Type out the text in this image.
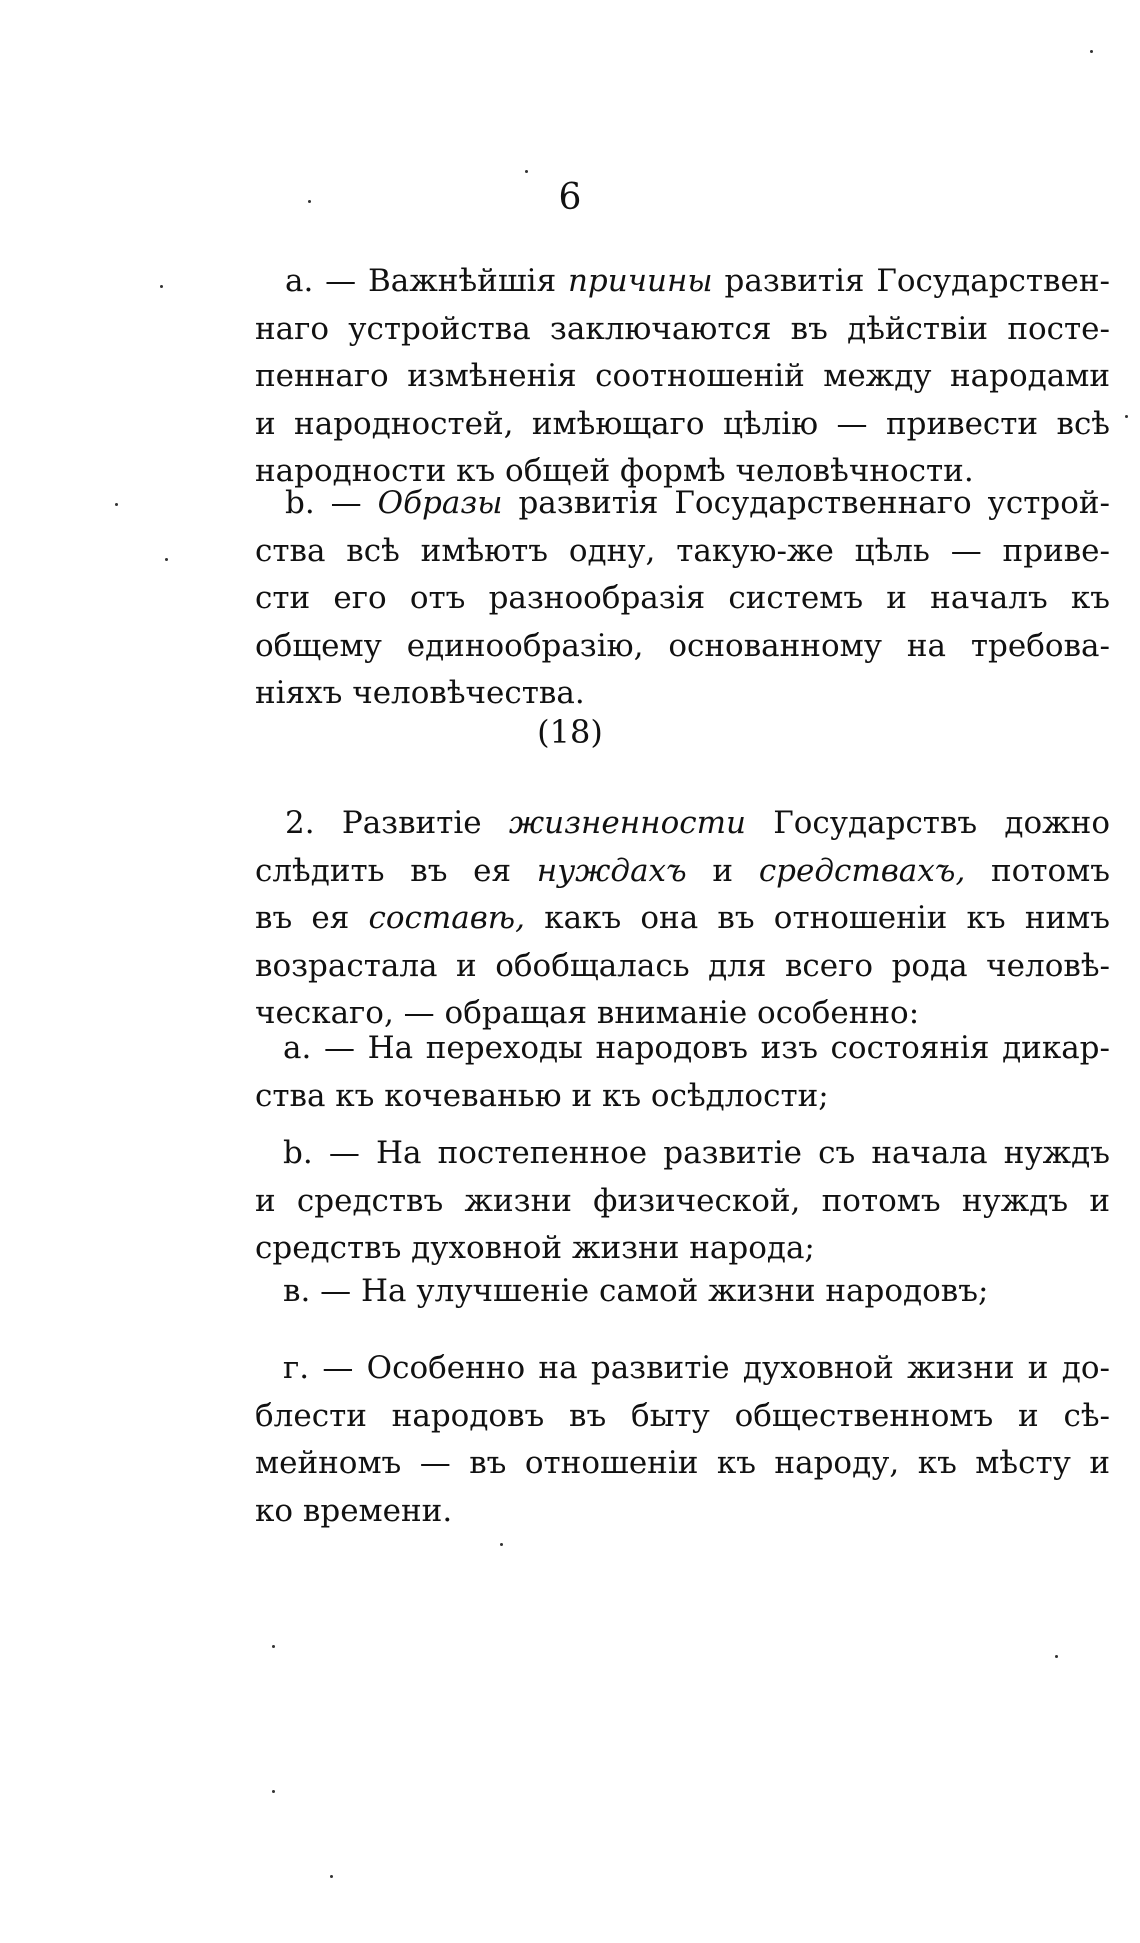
6
а. — Важнѣйшія причины развитія Государствен-
наго устройства заключаются въ дѣйствіи посте-
пеннаго измѣненія соотношеній между народами
и народностей, имѣющаго цѣлію — привести всѣ
народности къ общей формѣ человѣчности.
b. — Образы развитія Государственнаго устрой-
ства всѣ имѣютъ одну, такую-же цѣль — приве-
сти его отъ разнообразія системъ и началъ къ
общему единообразію, основанному на требова-
ніяхъ человѣчества.
(18)
2. Развитіе жизненности Государствъ дожно
слѣдить въ ея нуждахъ и средствахъ, потомъ
въ ея составѣ, какъ она въ отношеніи къ нимъ
возрастала и обобщалась для всего рода человѣ-
ческаго, — обращая вниманіе особенно:
а. — На переходы народовъ изъ состоянія дикар-
ства къ кочеванью и къ осѣдлости;
b. — На постепенное развитіе съ начала нуждъ
и средствъ жизни физической, потомъ нуждъ и
средствъ духовной жизни народа;
в. — На улучшеніе самой жизни народовъ;
г. — Особенно на развитіе духовной жизни и до-
блести народовъ въ быту общественномъ и сѣ-
мейномъ — въ отношеніи къ народу, къ мѣсту и
ко времени.
